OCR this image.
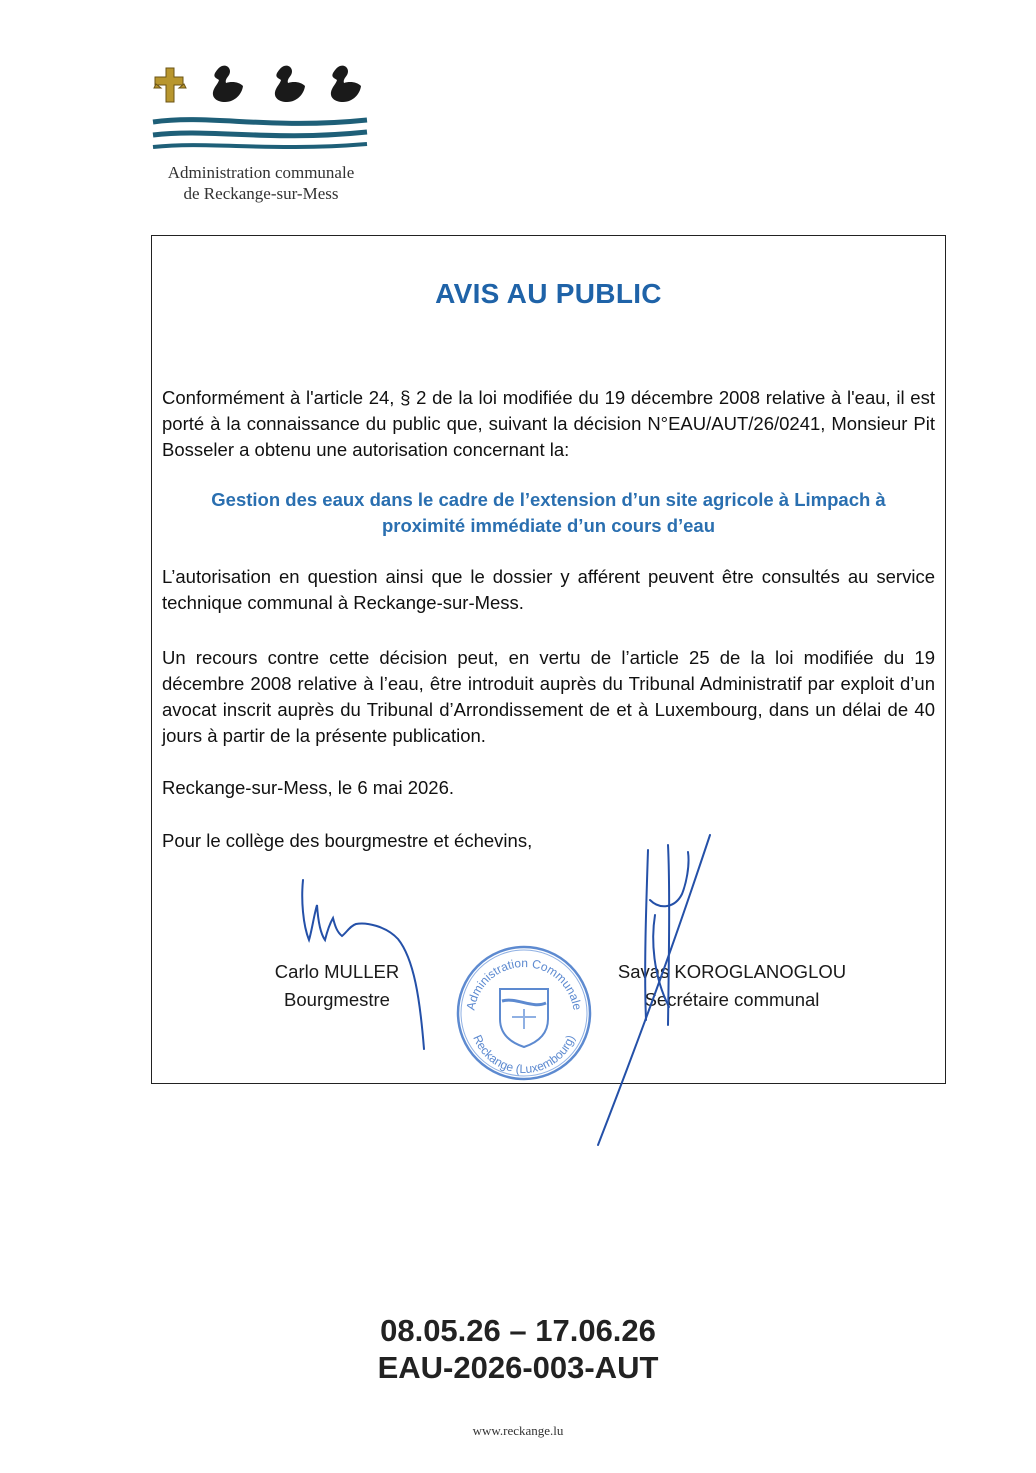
Administration communale
de Reckange-sur-Mess
AVIS AU PUBLIC
Conformément à l'article 24, § 2 de la loi modifiée du 19 décembre 2008 relative à l'eau, il est porté à la connaissance du public que, suivant la décision N°EAU/AUT/26/0241, Monsieur Pit Bosseler a obtenu une autorisation concernant la:
Gestion des eaux dans le cadre de l’extension d’un site agricole à Limpach à
proximité immédiate d’un cours d’eau
L’autorisation en question ainsi que le dossier y afférent peuvent être consultés au service technique communal à Reckange-sur-Mess.
Un recours contre cette décision peut, en vertu de l’article 25 de la loi modifiée du 19 décembre 2008 relative à l’eau, être introduit auprès du Tribunal Administratif par exploit d’un avocat inscrit auprès du Tribunal d’Arrondissement de et à Luxembourg, dans un délai de 40 jours à partir de la présente publication.
Reckange-sur-Mess, le 6 mai 2026.
Pour le collège des bourgmestre et échevins,
Carlo MULLER
Bourgmestre	Administration Communale
Reckange (Luxembourg)
Savas KOROGLANOGLOU
Secrétaire communal
08.05.26 – 17.06.26
EAU-2026-003-AUT
www.reckange.lu
